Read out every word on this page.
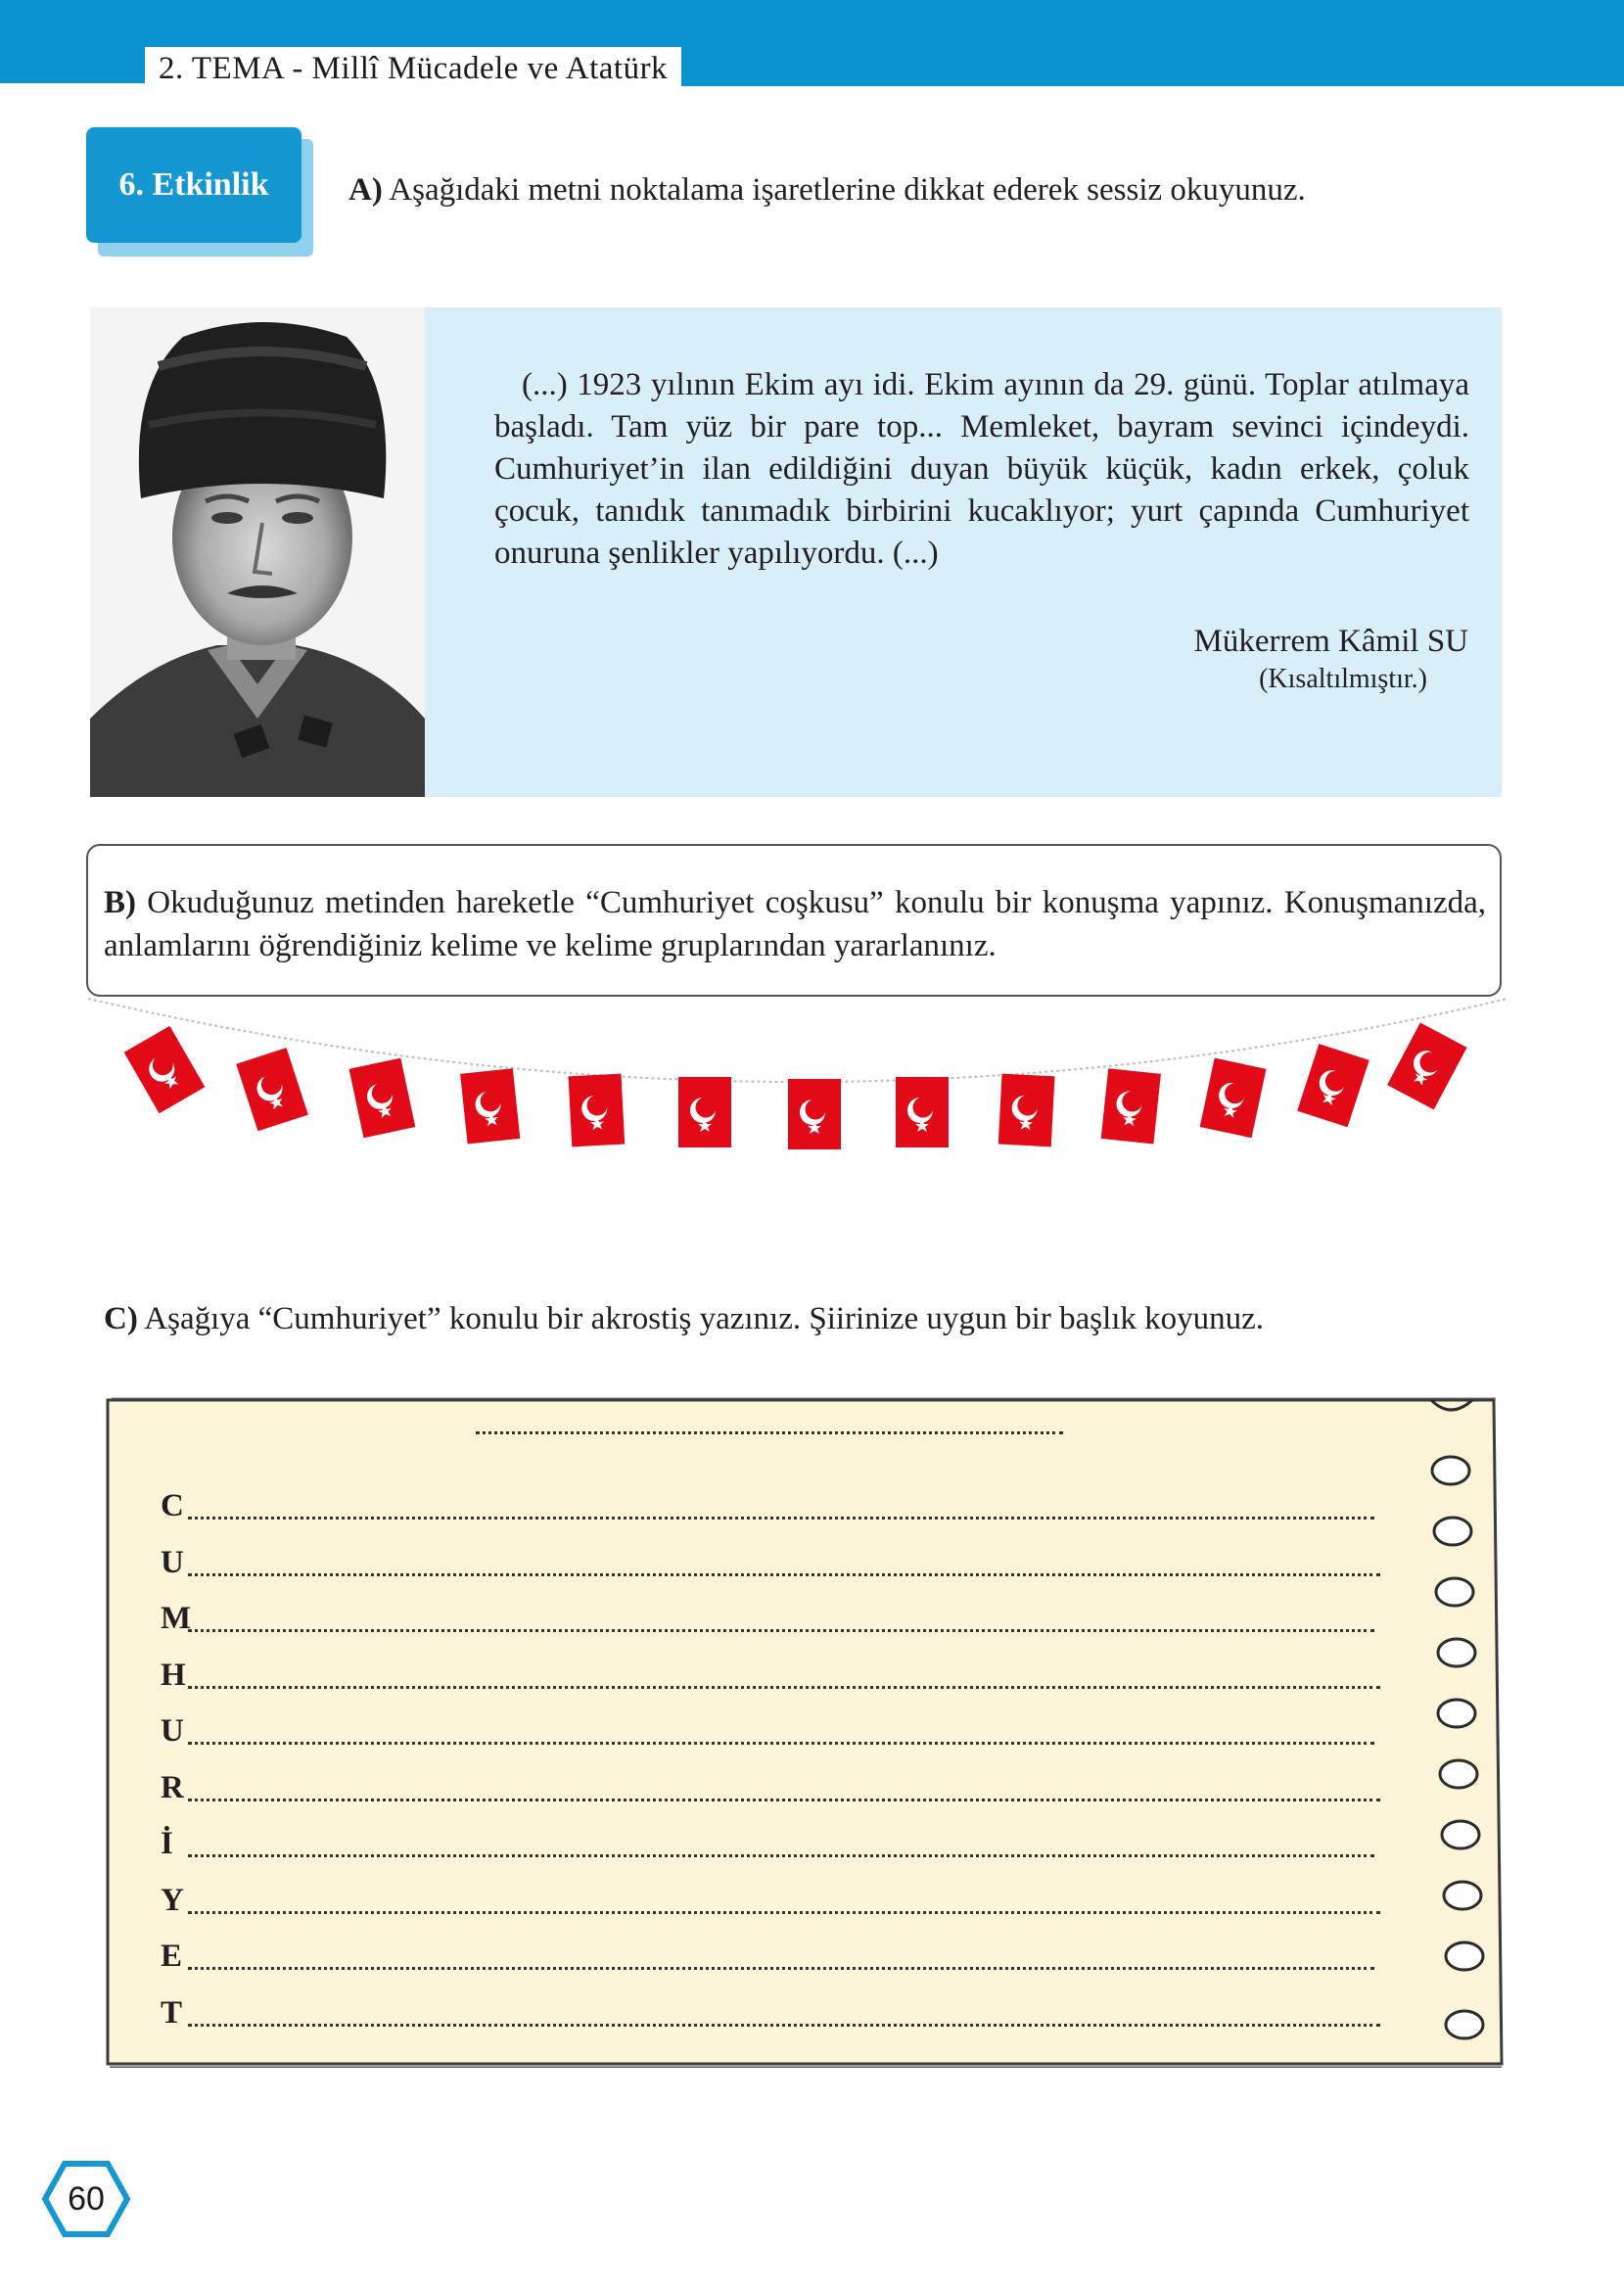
2. TEMA - Millî Mücadele ve Atatürk
6. Etkinlik	A) Aşağıdaki metni noktalama işaretlerine dikkat ederek sessiz okuyunuz.
(...) 1923 yılının Ekim ayı idi. Ekim ayının da 29. günü. Toplar atılmaya başladı. Tam yüz bir pare top... Memleket, bayram sevinci içindeydi. Cumhuriyet’in ilan edildiğini duyan büyük küçük, kadın erkek, çoluk çocuk, tanıdık tanımadık birbirini kucaklıyor; yurt çapında Cumhuriyet onuruna şenlikler yapılıyordu. (...)
Mükerrem Kâmil SU
(Kısaltılmıştır.)
B) Okuduğunuz metinden hareketle “Cumhuriyet coşkusu” konulu bir konuşma yapınız. Konuşmanızda, anlamlarını öğrendiğiniz kelime ve kelime gruplarından yararlanınız.
C) Aşağıya “Cumhuriyet” konulu bir akrostiş yazınız. Şiirinize uygun bir başlık koyunuz.
C
U
M
H
U
R
İ
Y
E
T
60
